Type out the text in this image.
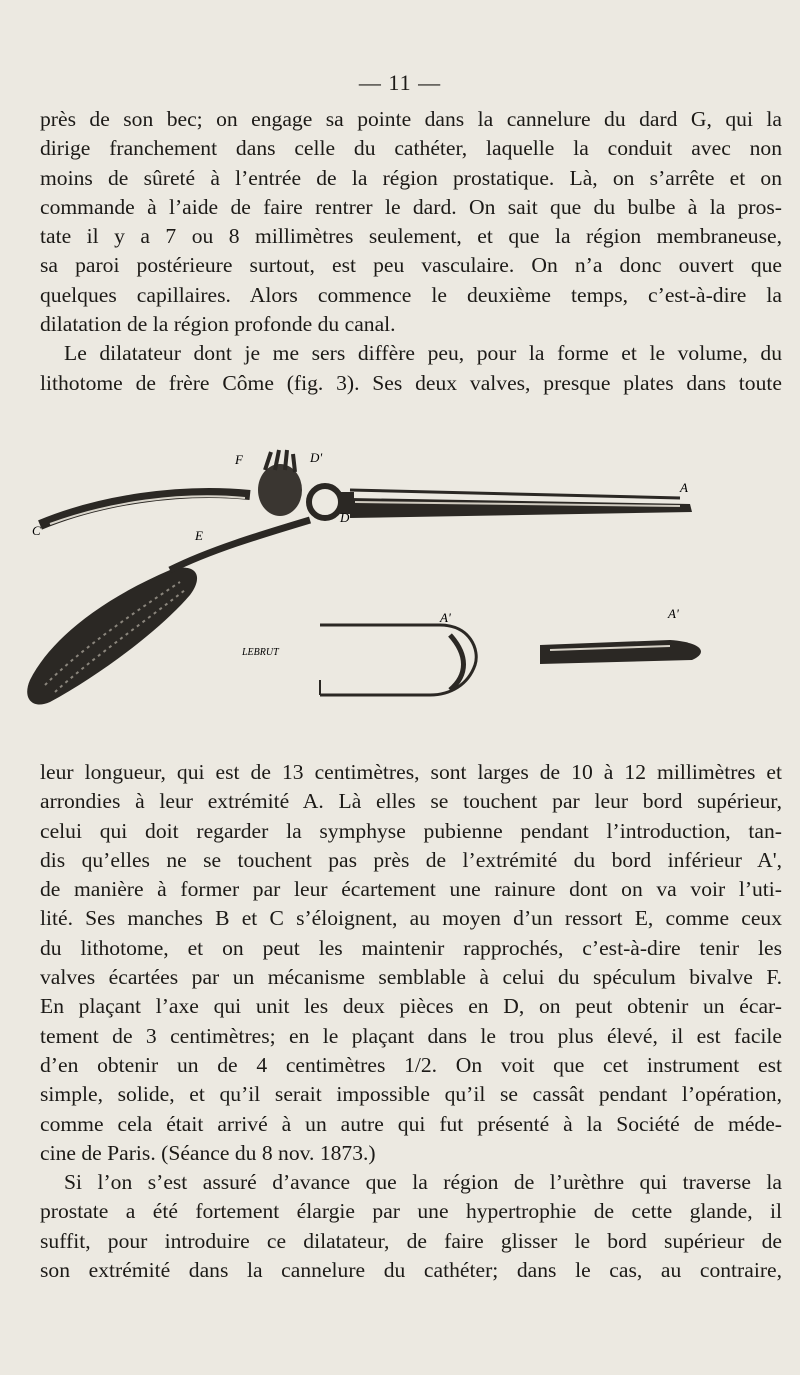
— 11 —
près de son bec; on engage sa pointe dans la cannelure du dard G, qui la
dirige franchement dans celle du cathéter, laquelle la conduit avec non
moins de sûreté à l’entrée de la région prostatique. Là, on s’arrête et on
commande à l’aide de faire rentrer le dard. On sait que du bulbe à la pros-
tate il y a 7 ou 8 millimètres seulement, et que la région membraneuse,
sa paroi postérieure surtout, est peu vasculaire. On n’a donc ouvert que
quelques capillaires. Alors commence le deuxième temps, c’est-à-dire la
dilatation de la région profonde du canal.
Le dilatateur dont je me sers diffère peu, pour la forme et le volume, du
lithotome de frère Côme (fig. 3). Ses deux valves, presque plates dans toute
F	D'
A
C
D
E
A'	A'
LEBRUT
leur longueur, qui est de 13 centimètres, sont larges de 10 à 12 millimètres et
arrondies à leur extrémité A. Là elles se touchent par leur bord supérieur,
celui qui doit regarder la symphyse pubienne pendant l’introduction, tan-
dis qu’elles ne se touchent pas près de l’extrémité du bord inférieur A',
de manière à former par leur écartement une rainure dont on va voir l’uti-
lité. Ses manches B et C s’éloignent, au moyen d’un ressort E, comme ceux
du lithotome, et on peut les maintenir rapprochés, c’est-à-dire tenir les
valves écartées par un mécanisme semblable à celui du spéculum bivalve F.
En plaçant l’axe qui unit les deux pièces en D, on peut obtenir un écar-
tement de 3 centimètres; en le plaçant dans le trou plus élevé, il est facile
d’en obtenir un de 4 centimètres 1/2. On voit que cet instrument est
simple, solide, et qu’il serait impossible qu’il se cassât pendant l’opération,
comme cela était arrivé à un autre qui fut présenté à la Société de méde-
cine de Paris. (Séance du 8 nov. 1873.)
Si l’on s’est assuré d’avance que la région de l’urèthre qui traverse la
prostate a été fortement élargie par une hypertrophie de cette glande, il
suffit, pour introduire ce dilatateur, de faire glisser le bord supérieur de
son extrémité dans la cannelure du cathéter; dans le cas, au contraire,
